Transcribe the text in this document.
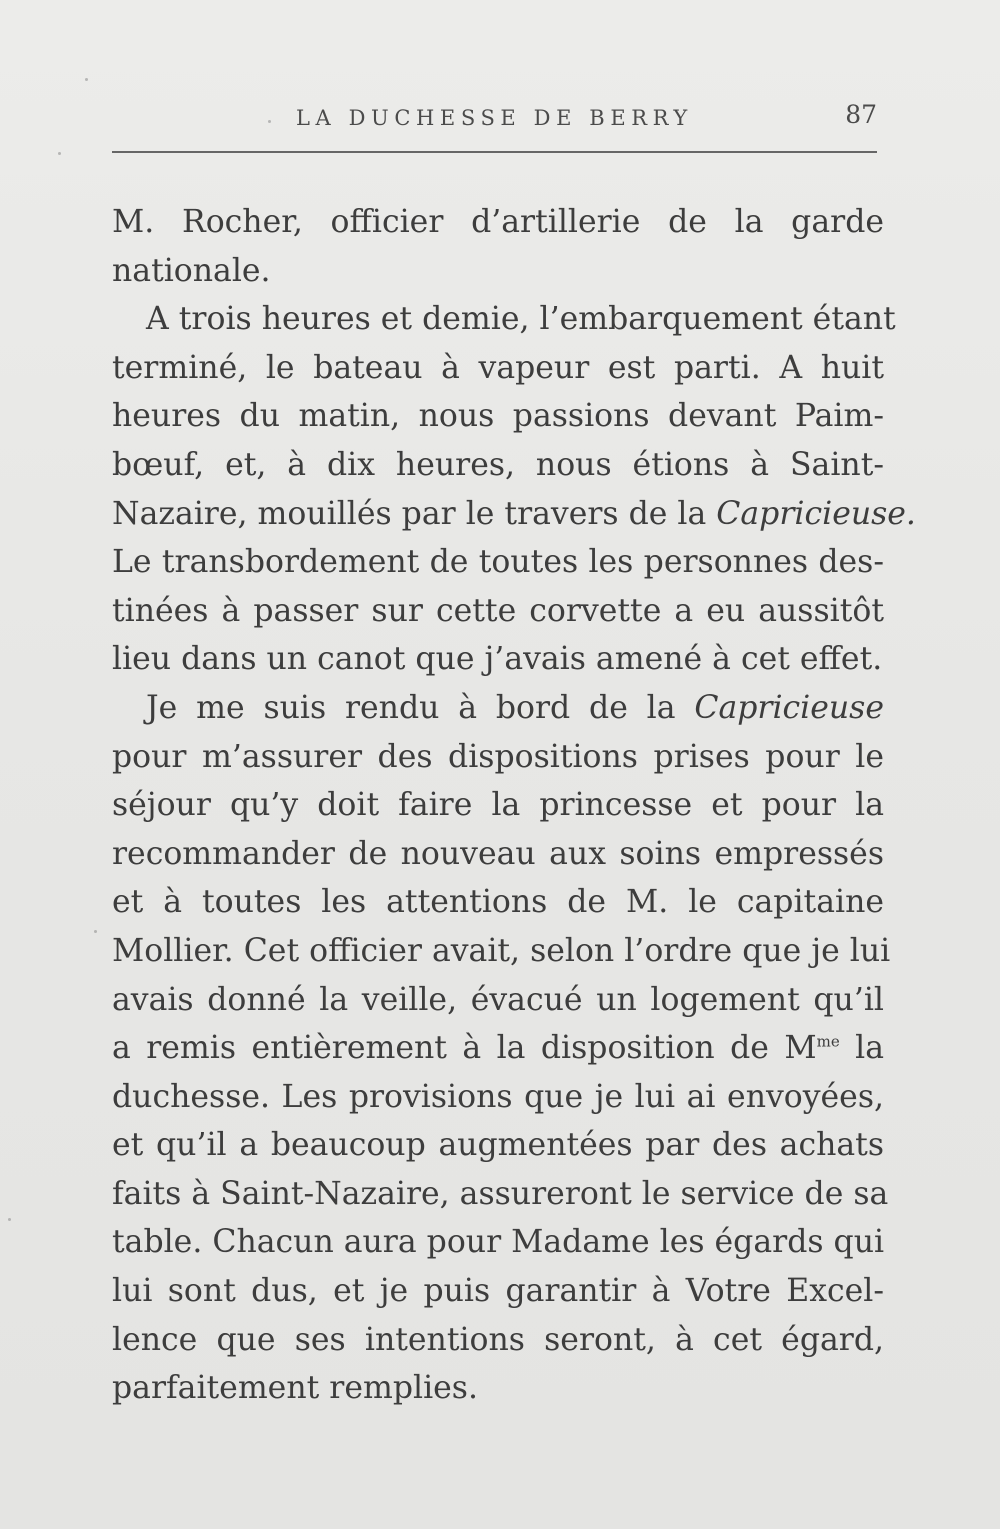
LA DUCHESSE DE BERRY	87
M. Rocher, officier d’artillerie de la garde
nationale.
A trois heures et demie, l’embarquement étant
terminé, le bateau à vapeur est parti. A huit
heures du matin, nous passions devant Paim-
bœuf, et, à dix heures, nous étions à Saint-
Nazaire, mouillés par le travers de la Capricieuse.
Le transbordement de toutes les personnes des-
tinées à passer sur cette corvette a eu aussitôt
lieu dans un canot que j’avais amené à cet effet.
Je me suis rendu à bord de la Capricieuse
pour m’assurer des dispositions prises pour le
séjour qu’y doit faire la princesse et pour la
recommander de nouveau aux soins empressés
et à toutes les attentions de M. le capitaine
Mollier. Cet officier avait, selon l’ordre que je lui
avais donné la veille, évacué un logement qu’il
a remis entièrement à la disposition de $M^{me}$ la
duchesse. Les provisions que je lui ai envoyées,
et qu’il a beaucoup augmentées par des achats
faits à Saint-Nazaire, assureront le service de sa
table. Chacun aura pour Madame les égards qui
lui sont dus, et je puis garantir à Votre Excel-
lence que ses intentions seront, à cet égard,
parfaitement remplies.
